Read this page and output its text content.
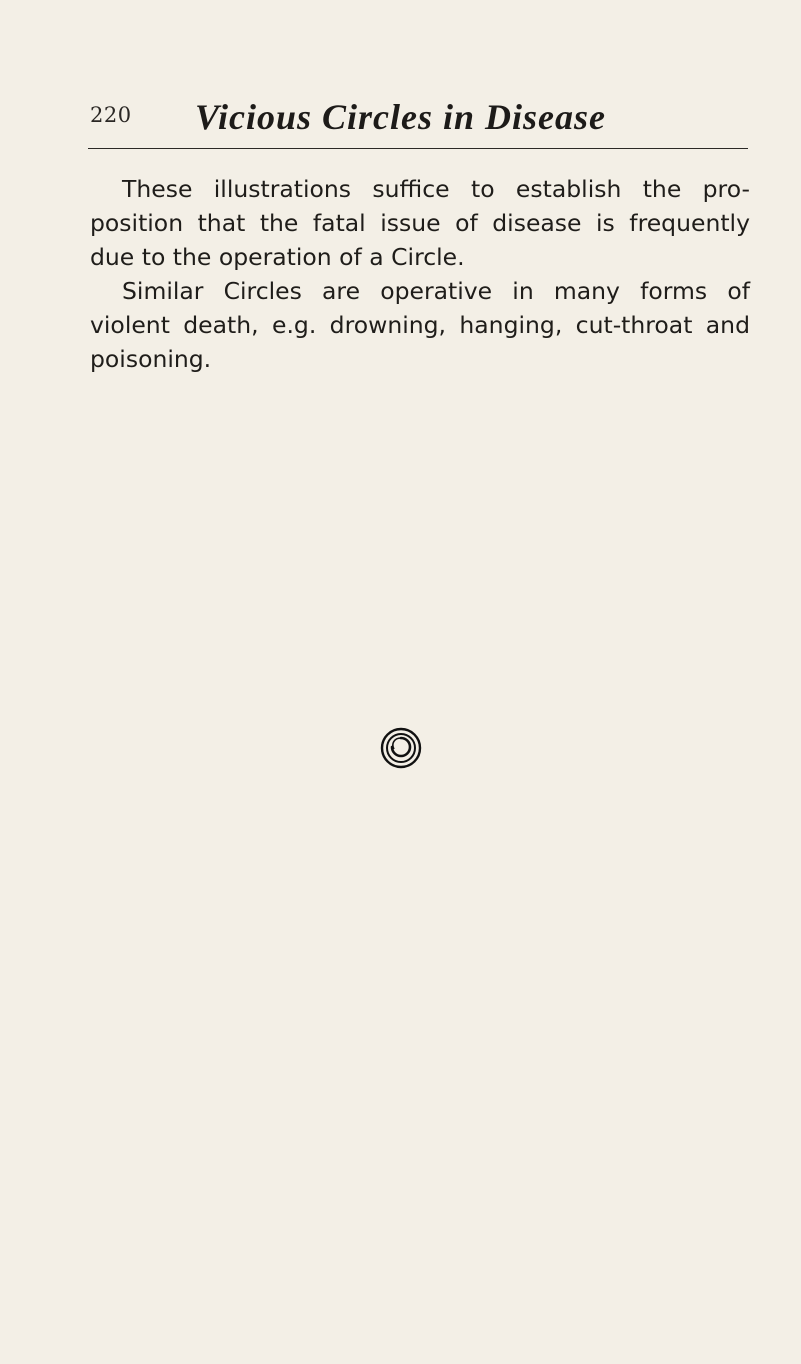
220	Vicious Circles in Disease

These illustrations suffice to establish the pro-
position that the fatal issue of disease is frequently
due to the operation of a Circle.

Similar Circles are operative in many forms of
violent death, e.g. drowning, hanging, cut-throat and
poisoning.
